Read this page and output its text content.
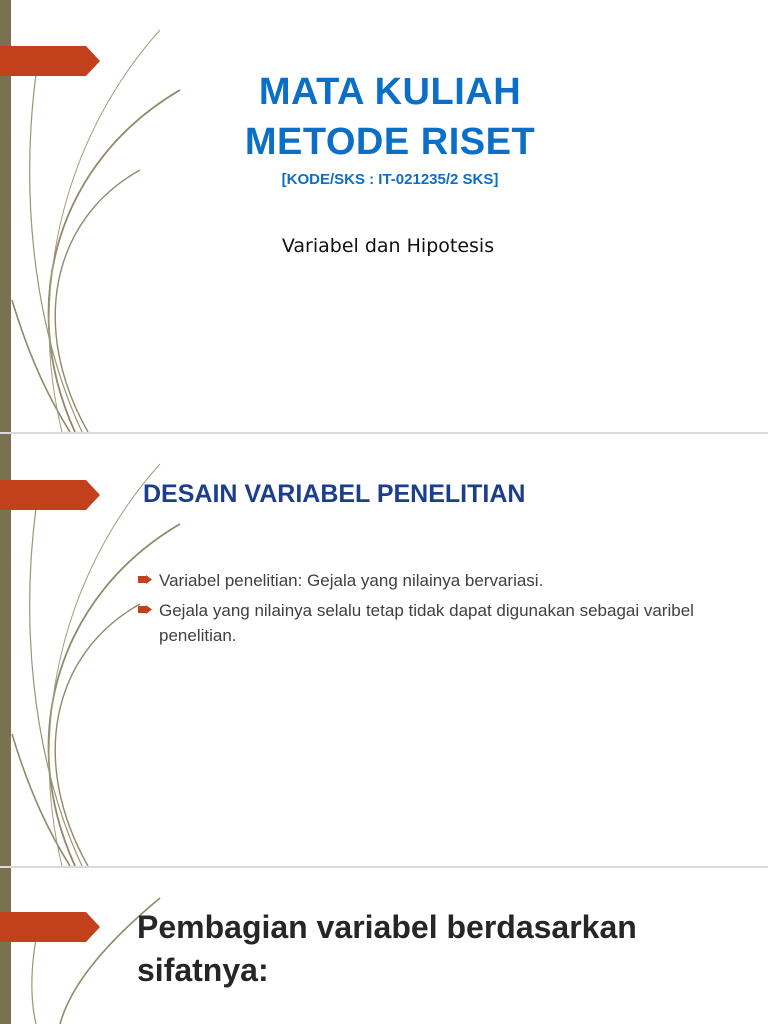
MATA KULIAH
METODE RISET
[KODE/SKS : IT-021235/2 SKS]
Variabel dan Hipotesis
DESAIN VARIABEL PENELITIAN
Variabel penelitian: Gejala yang nilainya bervariasi.
Gejala yang nilainya selalu tetap tidak dapat digunakan sebagai varibel penelitian.
Pembagian variabel berdasarkan sifatnya:
